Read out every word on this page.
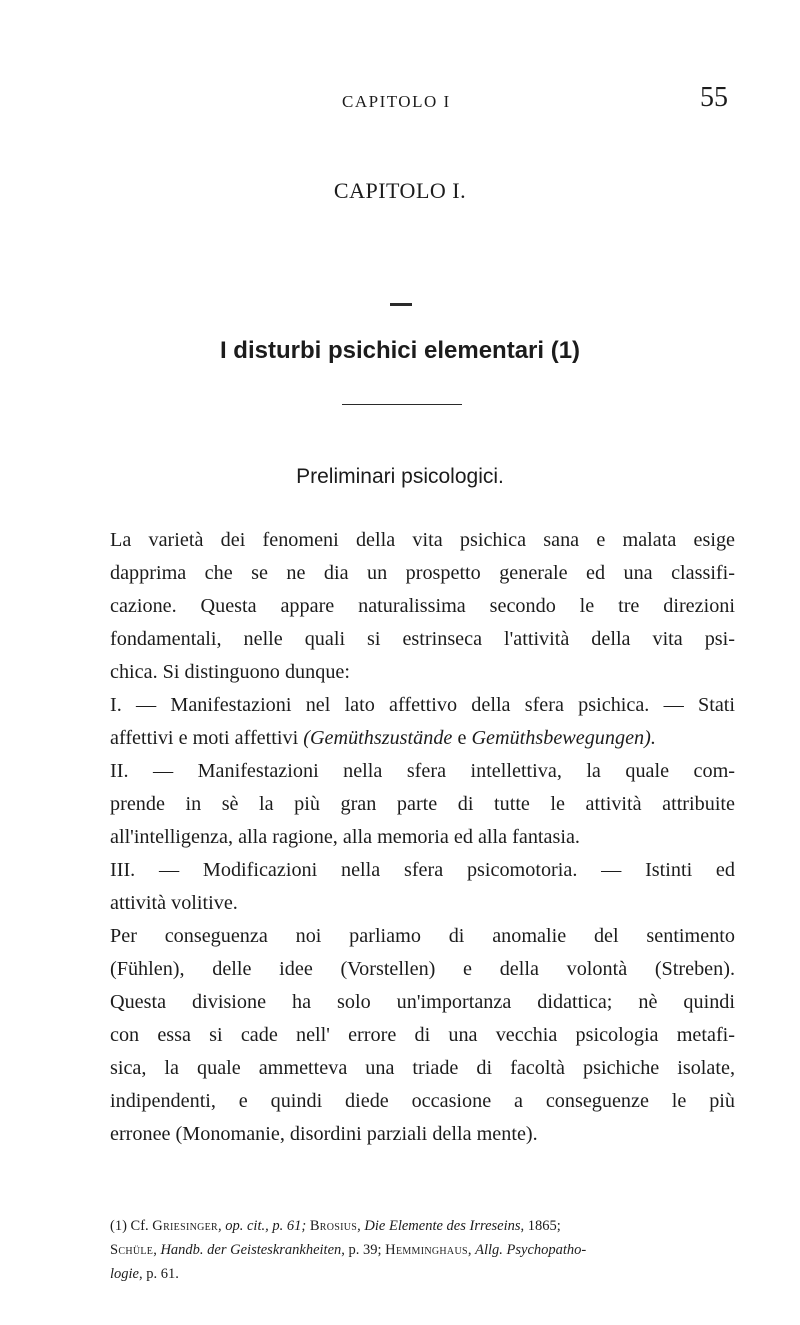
CAPITOLO I	55
CAPITOLO I.
I disturbi psichici elementari (1)
Preliminari psicologici.
La varietà dei fenomeni della vita psichica sana e malata esige
dapprima che se ne dia un prospetto generale ed una classifi-
cazione. Questa appare naturalissima secondo le tre direzioni
fondamentali, nelle quali si estrinseca l'attività della vita psi-
chica. Si distinguono dunque:
I. — Manifestazioni nel lato affettivo della sfera psichica. — Stati
affettivi e moti affettivi (Gemüthszustände e Gemüthsbewegungen).
II. — Manifestazioni nella sfera intellettiva, la quale com-
prende in sè la più gran parte di tutte le attività attribuite
all'intelligenza, alla ragione, alla memoria ed alla fantasia.
III. — Modificazioni nella sfera psicomotoria. — Istinti ed
attività volitive.
Per conseguenza noi parliamo di anomalie del sentimento
(Fühlen), delle idee (Vorstellen) e della volontà (Streben).
Questa divisione ha solo un'importanza didattica; nè quindi
con essa si cade nell' errore di una vecchia psicologia metafi-
sica, la quale ammetteva una triade di facoltà psichiche isolate,
indipendenti, e quindi diede occasione a conseguenze le più
erronee (Monomanie, disordini parziali della mente).
(1) Cf. Griesinger, op. cit., p. 61; Brosius, Die Elemente des Irreseins, 1865;
Schüle, Handb. der Geisteskrankheiten, p. 39; Hemminghaus, Allg. Psychopatho-
logie, p. 61.
